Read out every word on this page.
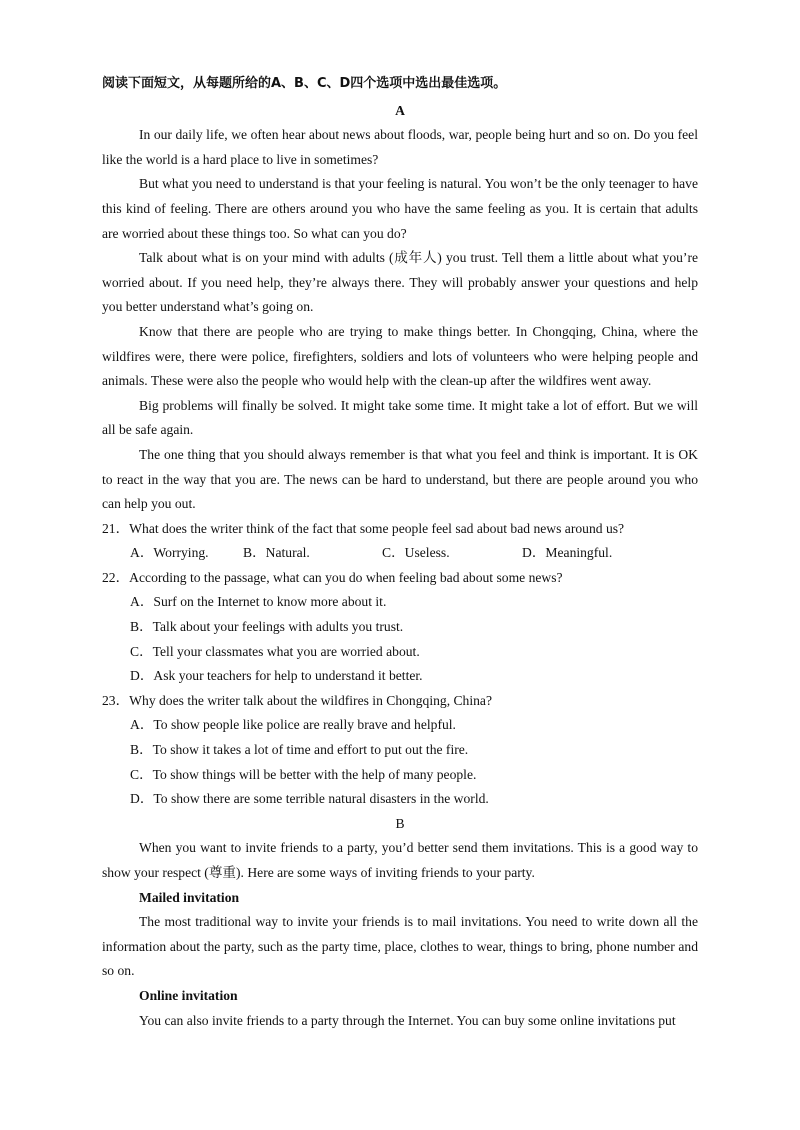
阅读下面短文，从每题所给的A、B、C、D四个选项中选出最佳选项。
A

In our daily life, we often hear about news about floods, war, people being hurt and so on. Do you feel like the world is a hard place to live in sometimes?

But what you need to understand is that your feeling is natural. You won’t be the only teenager to have this kind of feeling. There are others around you who have the same feeling as you. It is certain that adults are worried about these things too. So what can you do?

Talk about what is on your mind with adults (成年人) you trust. Tell them a little about what you’re worried about. If you need help, they’re always there. They will probably answer your questions and help you better understand what’s going on.

Know that there are people who are trying to make things better. In Chongqing, China, where the wildfires were, there were police, firefighters, soldiers and lots of volunteers who were helping people and animals. These were also the people who would help with the clean-up after the wildfires went away.

Big problems will finally be solved. It might take some time. It might take a lot of effort. But we will all be safe again.

The one thing that you should always remember is that what you feel and think is important. It is OK to react in the way that you are. The news can be hard to understand, but there are people around you who can help you out.

21．What does the writer think of the fact that some people feel sad about bad news around us?
A．Worrying.	B．Natural.	C．Useless.	D．Meaningful.
22．According to the passage, what can you do when feeling bad about some news?
A．Surf on the Internet to know more about it.
B．Talk about your feelings with adults you trust.
C．Tell your classmates what you are worried about.
D．Ask your teachers for help to understand it better.
23．Why does the writer talk about the wildfires in Chongqing, China?
A．To show people like police are really brave and helpful.
B．To show it takes a lot of time and effort to put out the fire.
C．To show things will be better with the help of many people.
D．To show there are some terrible natural disasters in the world.
B

When you want to invite friends to a party, you’d better send them invitations. This is a good way to show your respect (尊重). Here are some ways of inviting friends to your party.

Mailed invitation

The most traditional way to invite your friends is to mail invitations. You need to write down all the information about the party, such as the party time, place, clothes to wear, things to bring, phone number and so on.

Online invitation

You can also invite friends to a party through the Internet. You can buy some online invitations put
